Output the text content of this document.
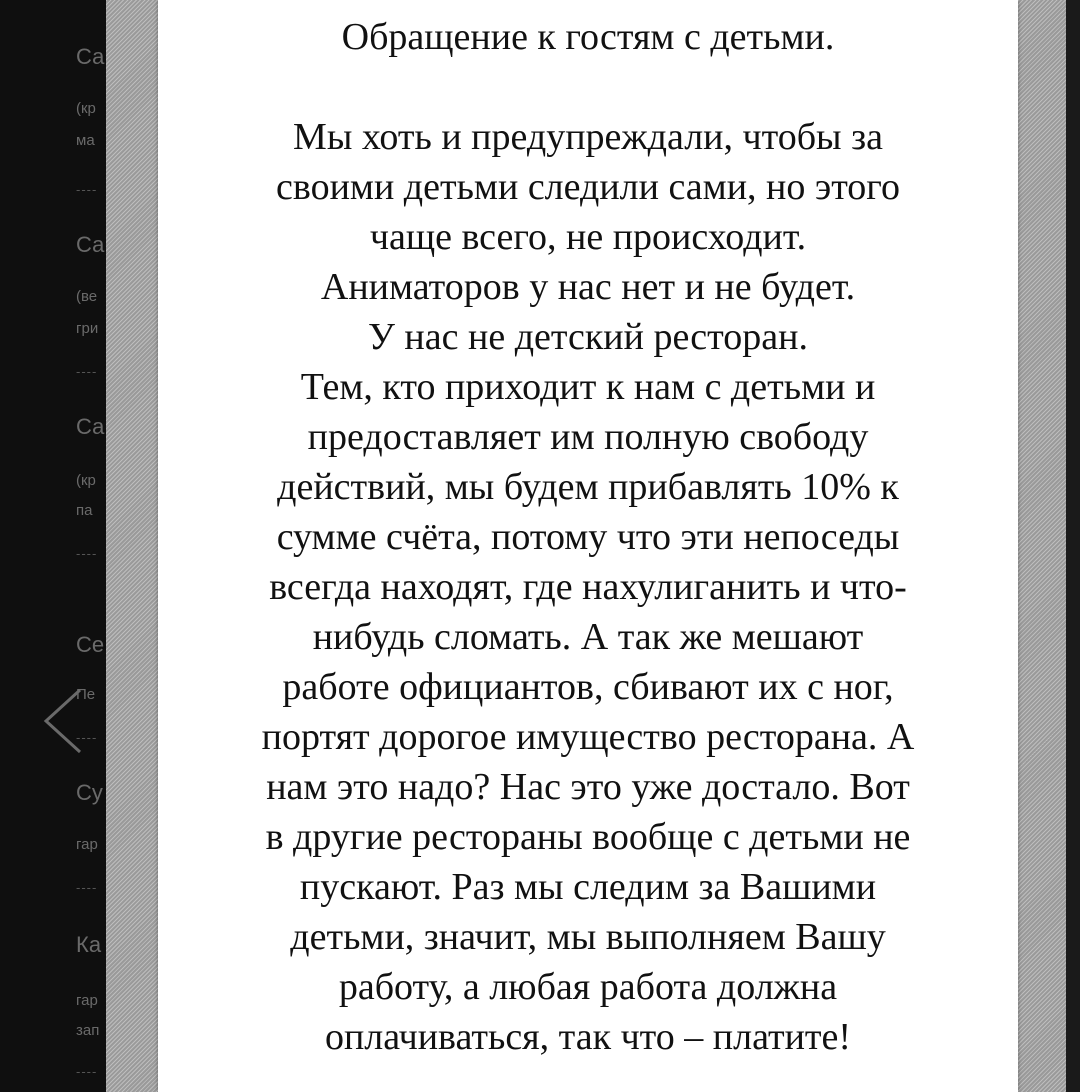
Са
(кр
ма
----
Са
(ве
гри
----
Са
(кр
па
----
Се
Пе
----
Су
гар
----
Ка
гар
зап
----
Обращение к гостям с детьми.
Мы хоть и предупреждали, чтобы за
своими детьми следили сами, но этого
чаще всего, не происходит.
Аниматоров у нас нет и не будет.
У нас не детский ресторан.
Тем, кто приходит к нам с детьми и
предоставляет им полную свободу
действий, мы будем прибавлять 10% к
сумме счёта, потому что эти непоседы
всегда находят, где нахулиганить и что-
нибудь сломать. А так же мешают
работе официантов, сбивают их с ног,
портят дорогое имущество ресторана. А
нам это надо? Нас это уже достало. Вот
в другие рестораны вообще с детьми не
пускают. Раз мы следим за Вашими
детьми, значит, мы выполняем Вашу
работу, а любая работа должна
оплачиваться, так что – платите!
